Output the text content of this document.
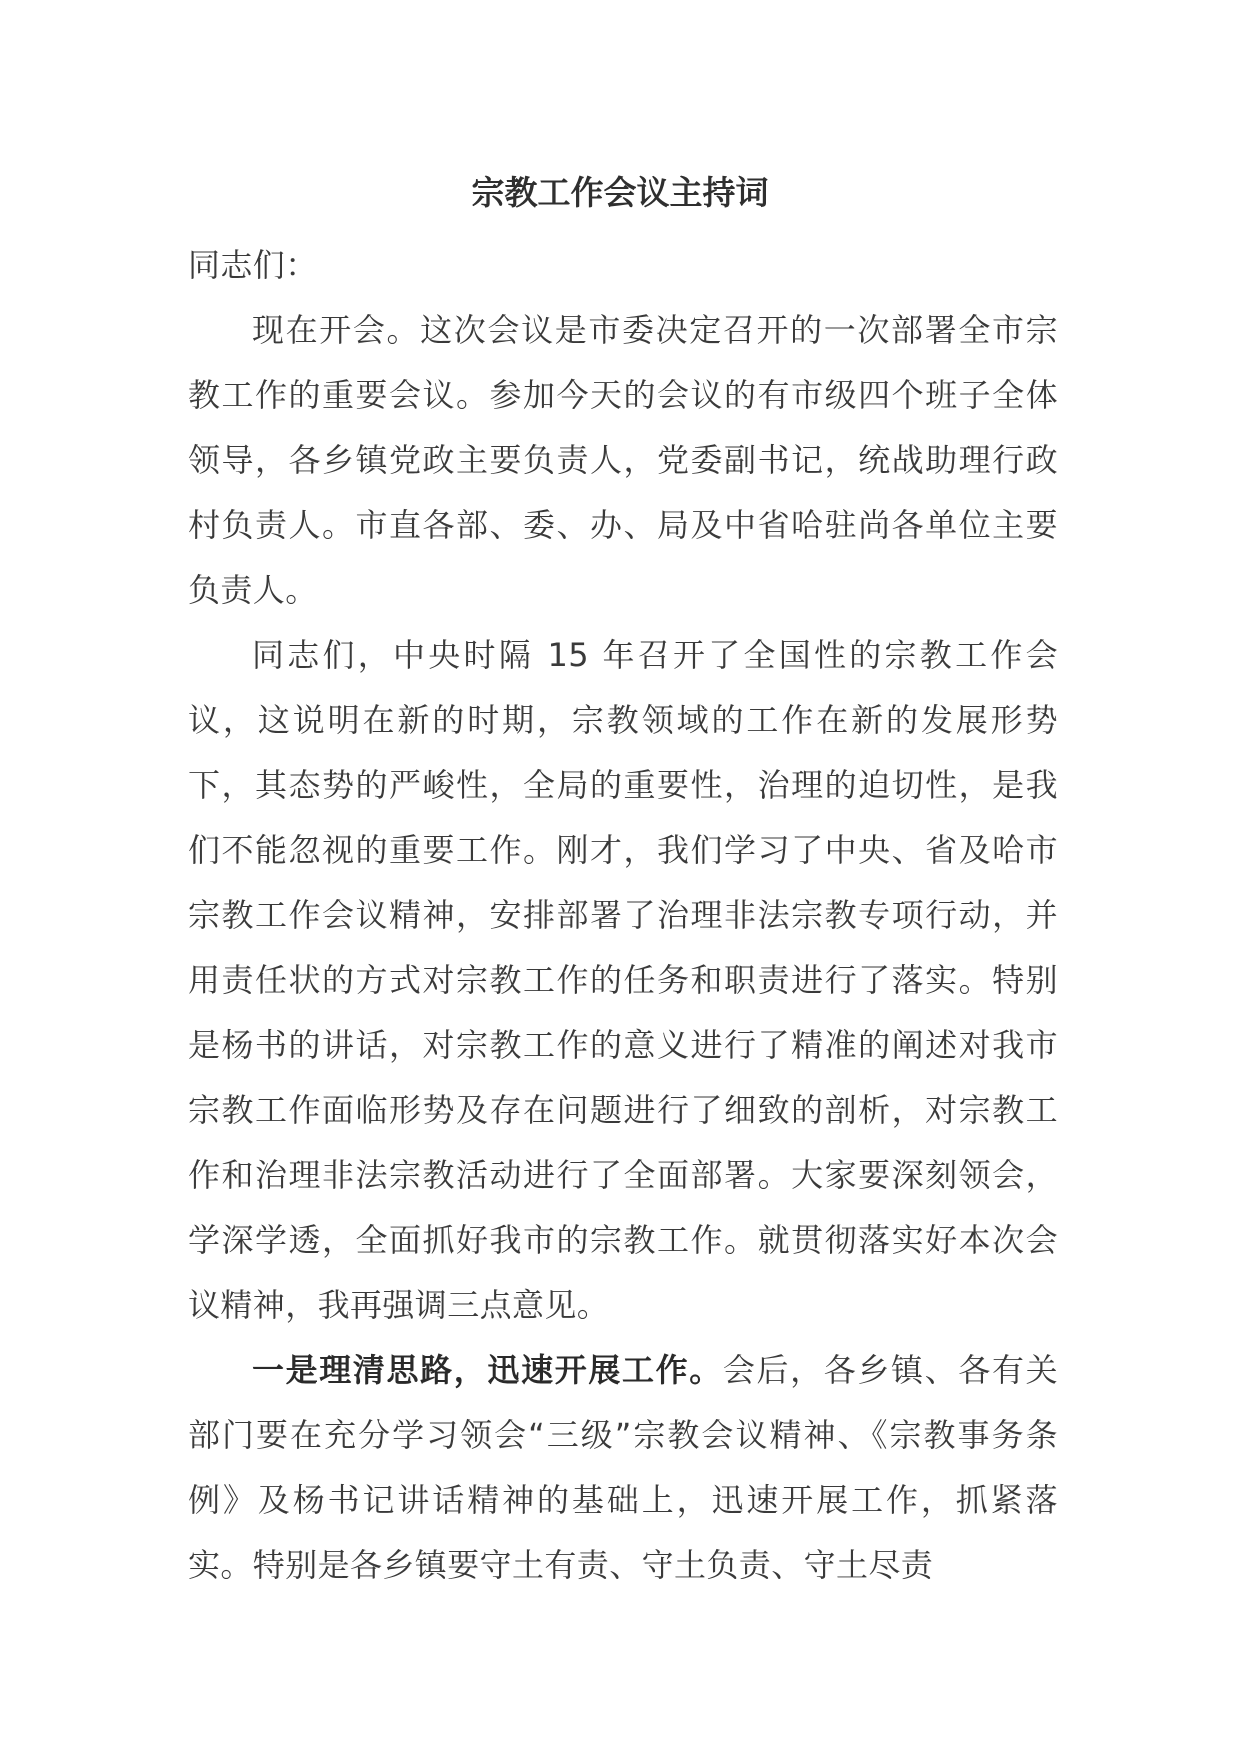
宗教工作会议主持词

同志们：

现在开会。这次会议是市委决定召开的一次部署全市宗教工作的重要会议。参加今天的会议的有市级四个班子全体领导，各乡镇党政主要负责人，党委副书记，统战助理行政村负责人。市直各部、委、办、局及中省哈驻尚各单位主要负责人。

同志们，中央时隔 15 年召开了全国性的宗教工作会议，这说明在新的时期，宗教领域的工作在新的发展形势下，其态势的严峻性，全局的重要性，治理的迫切性，是我们不能忽视的重要工作。刚才，我们学习了中央、省及哈市宗教工作会议精神，安排部署了治理非法宗教专项行动，并用责任状的方式对宗教工作的任务和职责进行了落实。特别是杨书的讲话，对宗教工作的意义进行了精准的阐述对我市宗教工作面临形势及存在问题进行了细致的剖析，对宗教工作和治理非法宗教活动进行了全面部署。大家要深刻领会，学深学透，全面抓好我市的宗教工作。就贯彻落实好本次会议精神，我再强调三点意见。

一是理清思路，迅速开展工作。会后，各乡镇、各有关部门要在充分学习领会“三级”宗教会议精神、《宗教事务条例》及杨书记讲话精神的基础上，迅速开展工作，抓紧落实。特别是各乡镇要守土有责、守土负责、守土尽责
